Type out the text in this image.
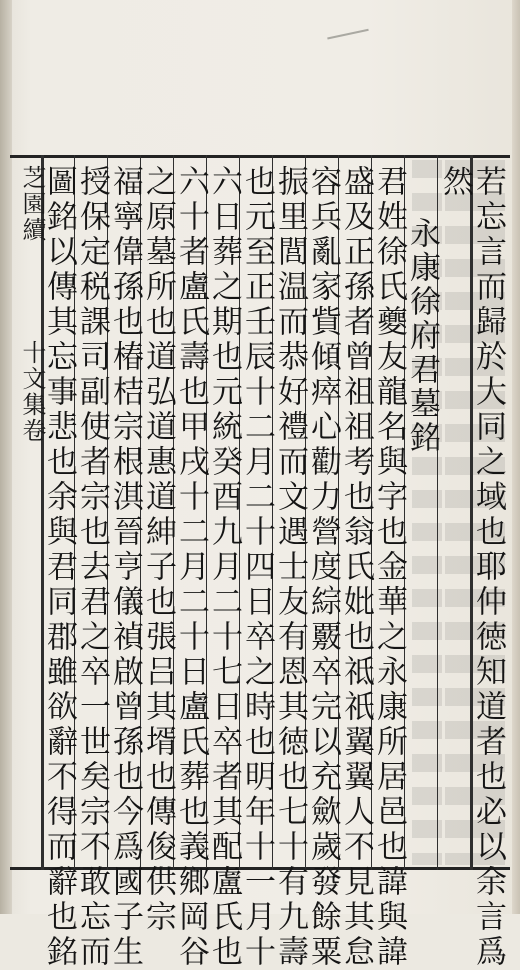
若忘言而歸於大同之域也耶仲徳知道者也必以余言爲
然
永康徐府君墓銘
君姓徐氏夔友龍名與字也金華之永康所居邑也諱與諱
盛及正孫者曾祖祖考也翁氏妣也祗祇翼翼人不見其怠
容兵亂家貲傾瘁心勸力營度綜覈卒完以充歛歲發餘粟
振里閭温而恭好禮而文遇士友有恩其徳也七十有九壽
也元至正壬辰十二月二十四日卒之時也明年十一月十
六日葬之期也元統癸酉九月二十七日卒者其配盧氏也
六十者盧氏壽也甲戌十二月二十日盧氏葬也義鄉岡谷
之原墓所也道弘道惠道紳子也張吕其壻也傳俊供宗
福寧偉孫也椿桔宗根淇晉亨儀禎啟曾孫也今爲國子生
授保定税課司副使者宗也去君之卒一世矣宗不敢忘而
圖銘以傳其忘事悲也余與君同郡雖欲辭不得而辭也銘
芝園續
十文集卷
